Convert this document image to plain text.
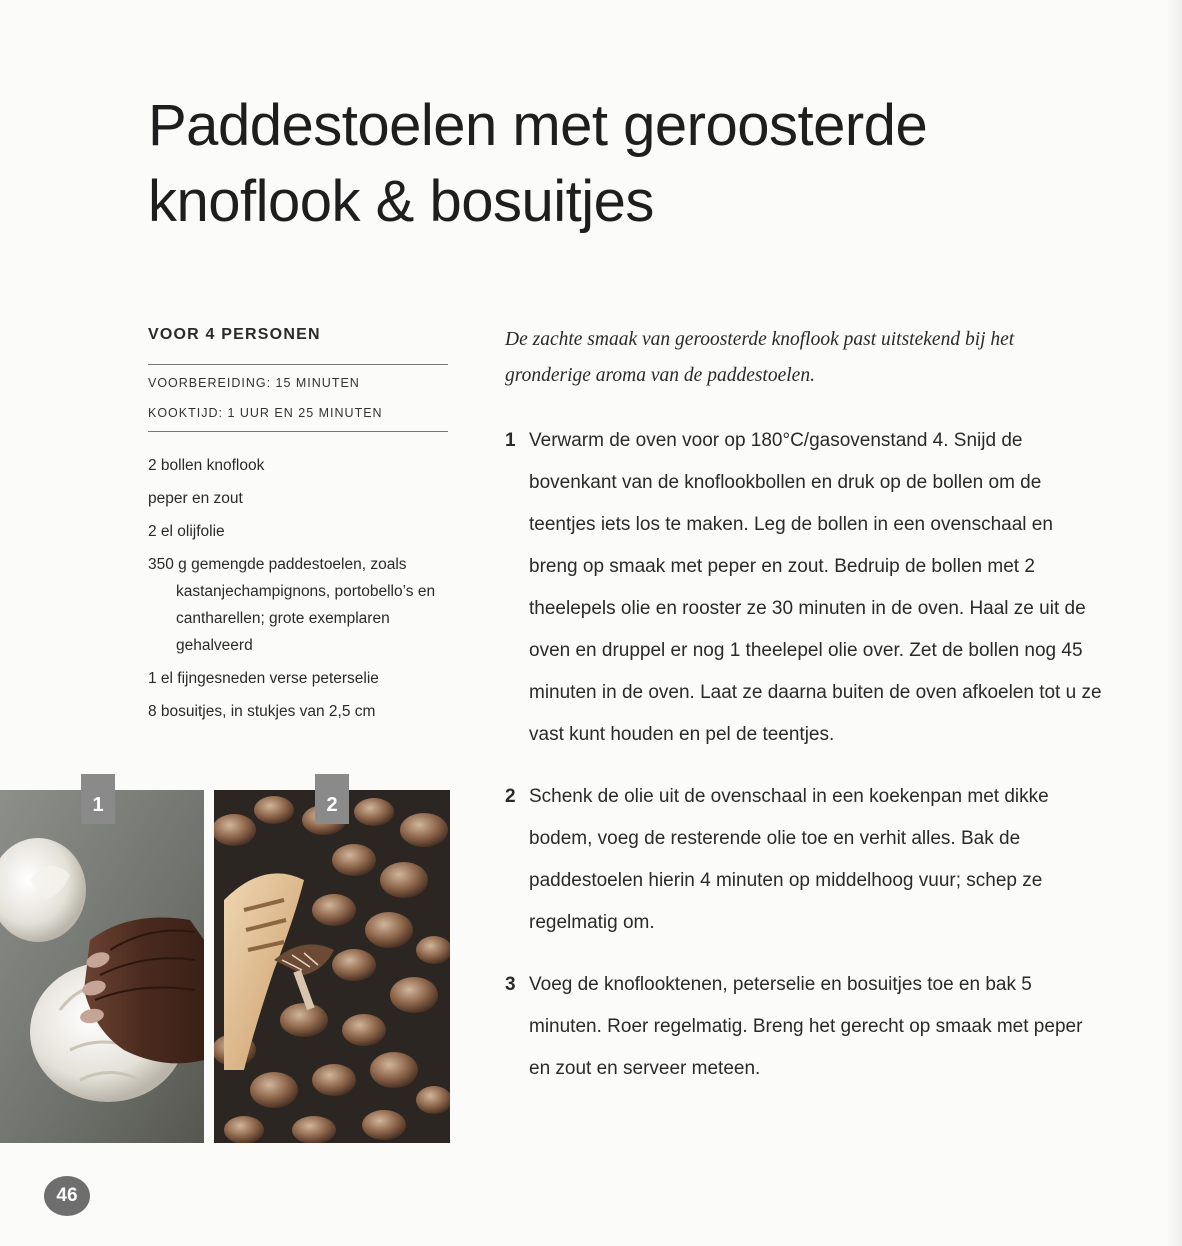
Paddestoelen met geroosterde
knoflook & bosuitjes
VOOR 4 PERSONEN
VOORBEREIDING: 15 MINUTEN
KOOKTIJD: 1 UUR EN 25 MINUTEN
2 bollen knoflook
peper en zout
2 el olijfolie
350 g gemengde paddestoelen, zoals kastanjechampignons, portobello’s en cantharellen; grote exemplaren gehalveerd
1 el fijngesneden verse peterselie
8 bosuitjes, in stukjes van 2,5 cm

De zachte smaak van geroosterde knoflook past uitstekend bij het gronderige aroma van de paddestoelen.

1 Verwarm de oven voor op 180°C/gasovenstand 4. Snijd de bovenkant van de knoflookbollen en druk op de bollen om de teentjes iets los te maken. Leg de bollen in een ovenschaal en breng op smaak met peper en zout. Bedruip de bollen met 2 theelepels olie en rooster ze 30 minuten in de oven. Haal ze uit de oven en druppel er nog 1 theelepel olie over. Zet de bollen nog 45 minuten in de oven. Laat ze daarna buiten de oven afkoelen tot u ze vast kunt houden en pel de teentjes.
2 Schenk de olie uit de ovenschaal in een koekenpan met dikke bodem, voeg de resterende olie toe en verhit alles. Bak de paddestoelen hierin 4 minuten op middelhoog vuur; schep ze regelmatig om.
3 Voeg de knoflooktenen, peterselie en bosuitjes toe en bak 5 minuten. Roer regelmatig. Breng het gerecht op smaak met peper en zout en serveer meteen.
1	2
46
